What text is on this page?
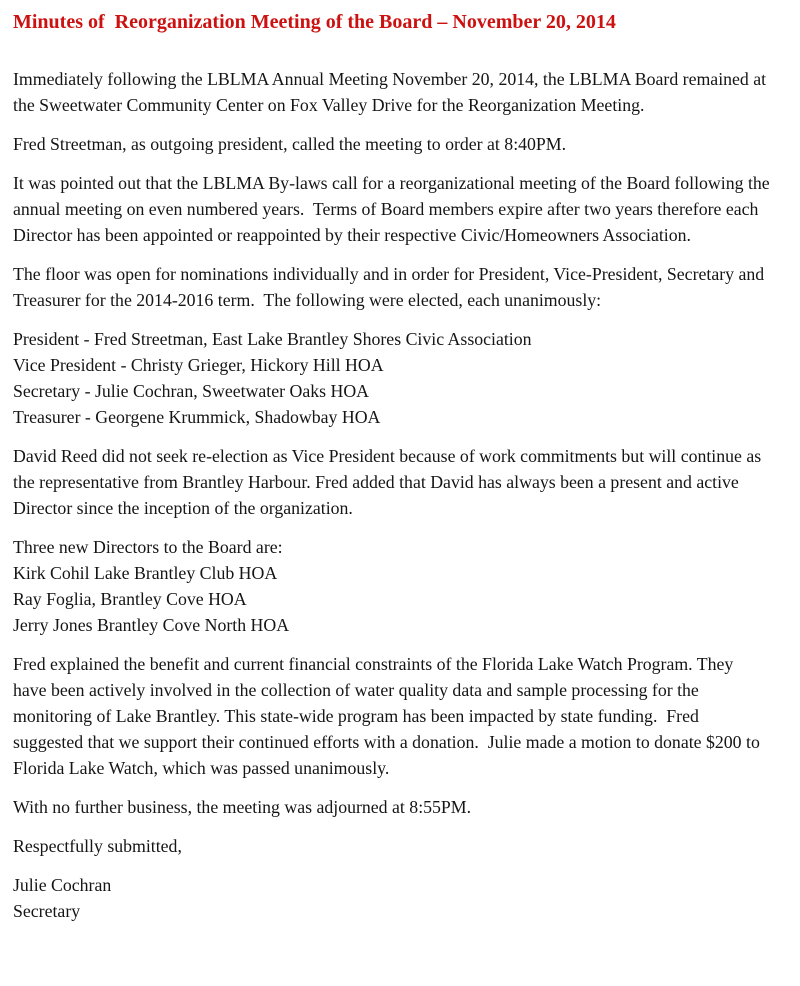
Minutes of  Reorganization Meeting of the Board – November 20, 2014

Immediately following the LBLMA Annual Meeting November 20, 2014, the LBLMA Board remained at the Sweetwater Community Center on Fox Valley Drive for the Reorganization Meeting.

Fred Streetman, as outgoing president, called the meeting to order at 8:40PM.

It was pointed out that the LBLMA By-laws call for a reorganizational meeting of the Board following the annual meeting on even numbered years.  Terms of Board members expire after two years therefore each Director has been appointed or reappointed by their respective Civic/Homeowners Association.

The floor was open for nominations individually and in order for President, Vice-President, Secretary and Treasurer for the 2014-2016 term.  The following were elected, each unanimously:

President - Fred Streetman, East Lake Brantley Shores Civic Association
Vice President - Christy Grieger, Hickory Hill HOA
Secretary - Julie Cochran, Sweetwater Oaks HOA
Treasurer - Georgene Krummick, Shadowbay HOA

David Reed did not seek re-election as Vice President because of work commitments but will continue as the representative from Brantley Harbour. Fred added that David has always been a present and active Director since the inception of the organization.

Three new Directors to the Board are:
Kirk Cohil Lake Brantley Club HOA
Ray Foglia, Brantley Cove HOA
Jerry Jones Brantley Cove North HOA

Fred explained the benefit and current financial constraints of the Florida Lake Watch Program. They have been actively involved in the collection of water quality data and sample processing for the monitoring of Lake Brantley. This state-wide program has been impacted by state funding.  Fred suggested that we support their continued efforts with a donation.  Julie made a motion to donate $200 to Florida Lake Watch, which was passed unanimously.

With no further business, the meeting was adjourned at 8:55PM.

Respectfully submitted,

Julie Cochran
Secretary
